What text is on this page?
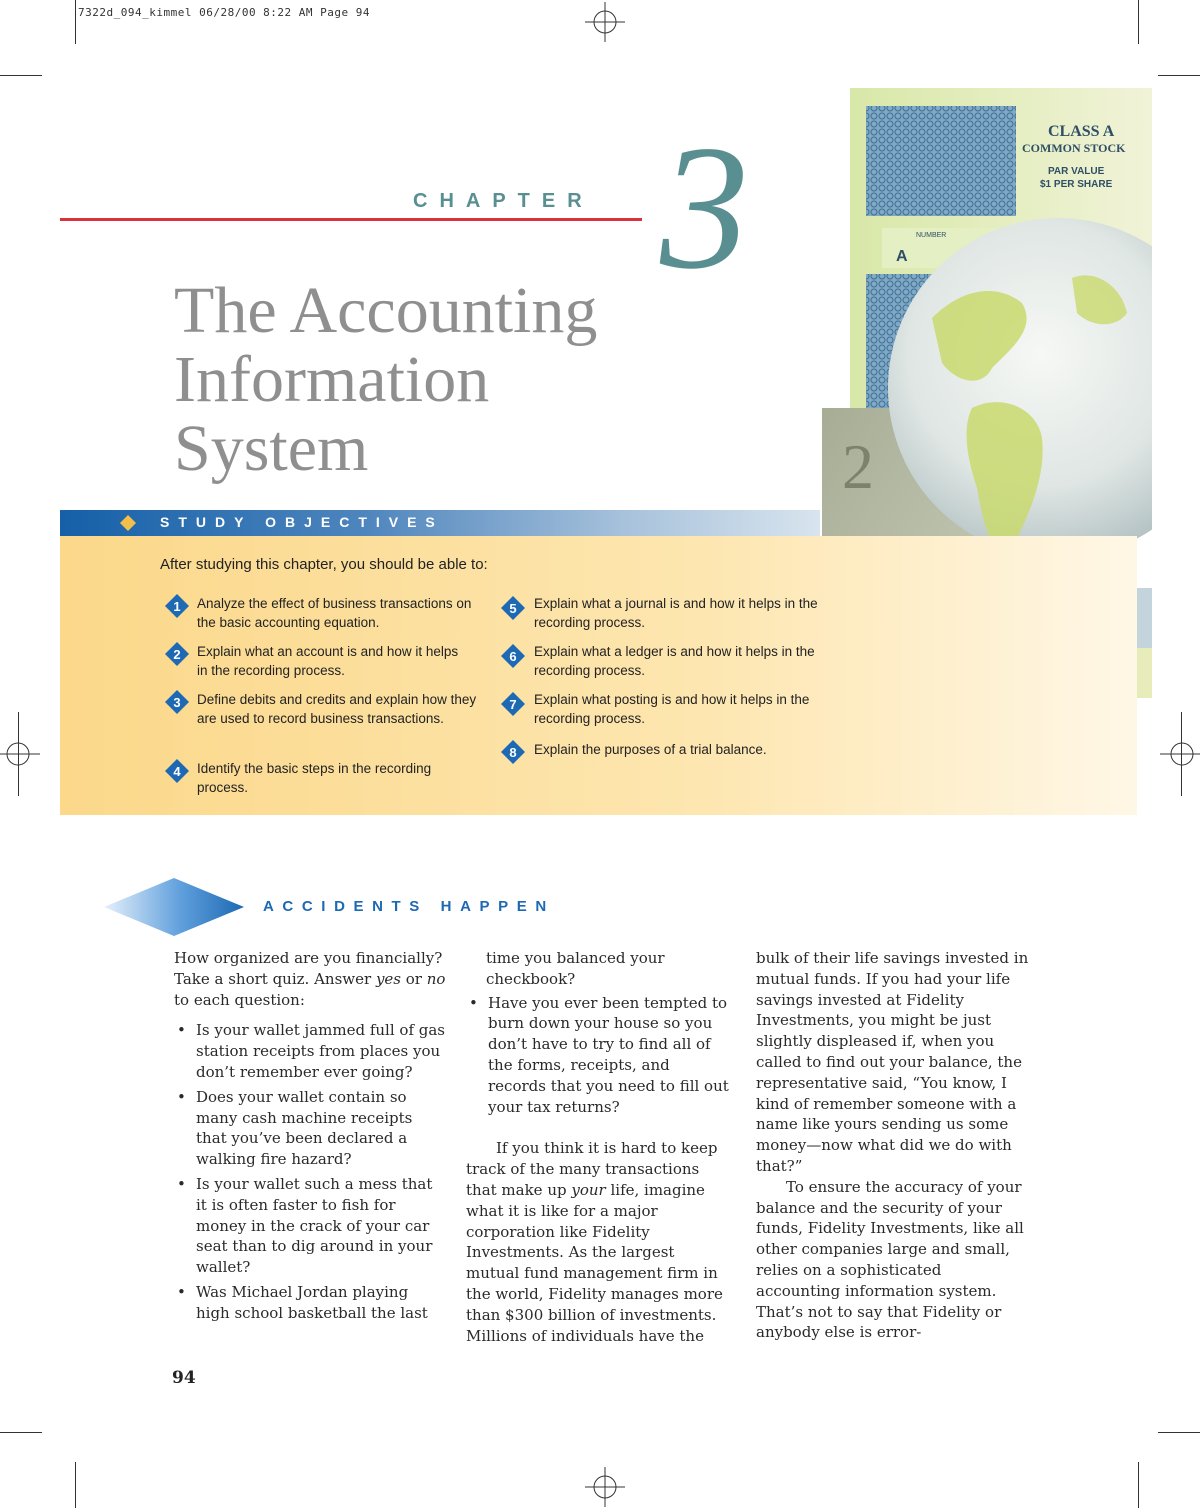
7322d_094_kimmel 06/28/00 8:22 AM Page 94
CHAPTER 3
The Accounting
Information
System
CLASS A
COMMON STOCK
PAR VALUE
$1 PER SHARE
NUMBER
A
2
STUDY OBJECTIVES
After studying this chapter, you should be able to:
1 Analyze the effect of business transactions on the basic accounting equation.
2 Explain what an account is and how it helps in the recording process.
3 Define debits and credits and explain how they are used to record business transactions.
4 Identify the basic steps in the recording process.
5 Explain what a journal is and how it helps in the recording process.
6 Explain what a ledger is and how it helps in the recording process.
7 Explain what posting is and how it helps in the recording process.
8 Explain the purposes of a trial balance.
ACCIDENTS HAPPEN

How organized are you financially? Take a short quiz. Answer yes or no to each question:

• Is your wallet jammed full of gas station receipts from places you don’t remember ever going?

• Does your wallet contain so many cash machine receipts that you’ve been declared a walking fire hazard?

• Is your wallet such a mess that it is often faster to fish for money in the crack of your car seat than to dig around in your wallet?

• Was Michael Jordan playing high school basketball the last

time you balanced your checkbook?

• Have you ever been tempted to burn down your house so you don’t have to try to find all of the forms, receipts, and records that you need to fill out your tax returns?

If you think it is hard to keep track of the many transactions that make up your life, imagine what it is like for a major corporation like Fidelity Investments. As the largest mutual fund management firm in the world, Fidelity manages more than $300 billion of investments. Millions of individuals have the

bulk of their life savings invested in mutual funds. If you had your life savings invested at Fidelity Investments, you might be just slightly displeased if, when you called to find out your balance, the representative said, “You know, I kind of remember someone with a name like yours sending us some money—now what did we do with that?”

To ensure the accuracy of your balance and the security of your funds, Fidelity Investments, like all other companies large and small, relies on a sophisticated accounting information system. That’s not to say that Fidelity or anybody else is error-

94
